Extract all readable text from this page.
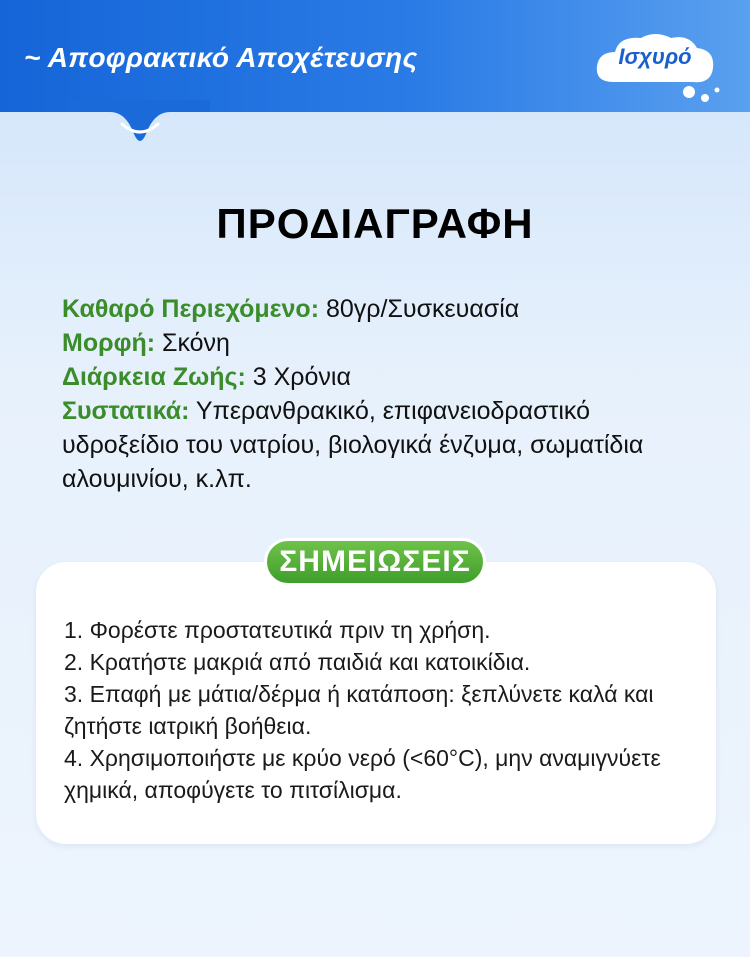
~ Αποφρακτικό Αποχέτευσης	Ισχυρό
ΠΡΟΔΙΑΓΡΑΦΗ
Καθαρό Περιεχόμενο: 80γρ/Συσκευασία
Μορφή: Σκόνη
Διάρκεια Ζωής: 3 Χρόνια
Συστατικά: Υπερανθρακικό, επιφανειοδραστικό υδροξείδιο του νατρίου, βιολογικά ένζυμα, σωματίδια αλουμινίου, κ.λπ.
ΣΗΜΕΙΩΣΕΙΣ
1. Φορέστε προστατευτικά πριν τη χρήση.
2. Κρατήστε μακριά από παιδιά και κατοικίδια.
3. Επαφή με μάτια/δέρμα ή κατάποση: ξεπλύνετε καλά και ζητήστε ιατρική βοήθεια.
4. Χρησιμοποιήστε με κρύο νερό (<60°C), μην αναμιγνύετε χημικά, αποφύγετε το πιτσίλισμα.
